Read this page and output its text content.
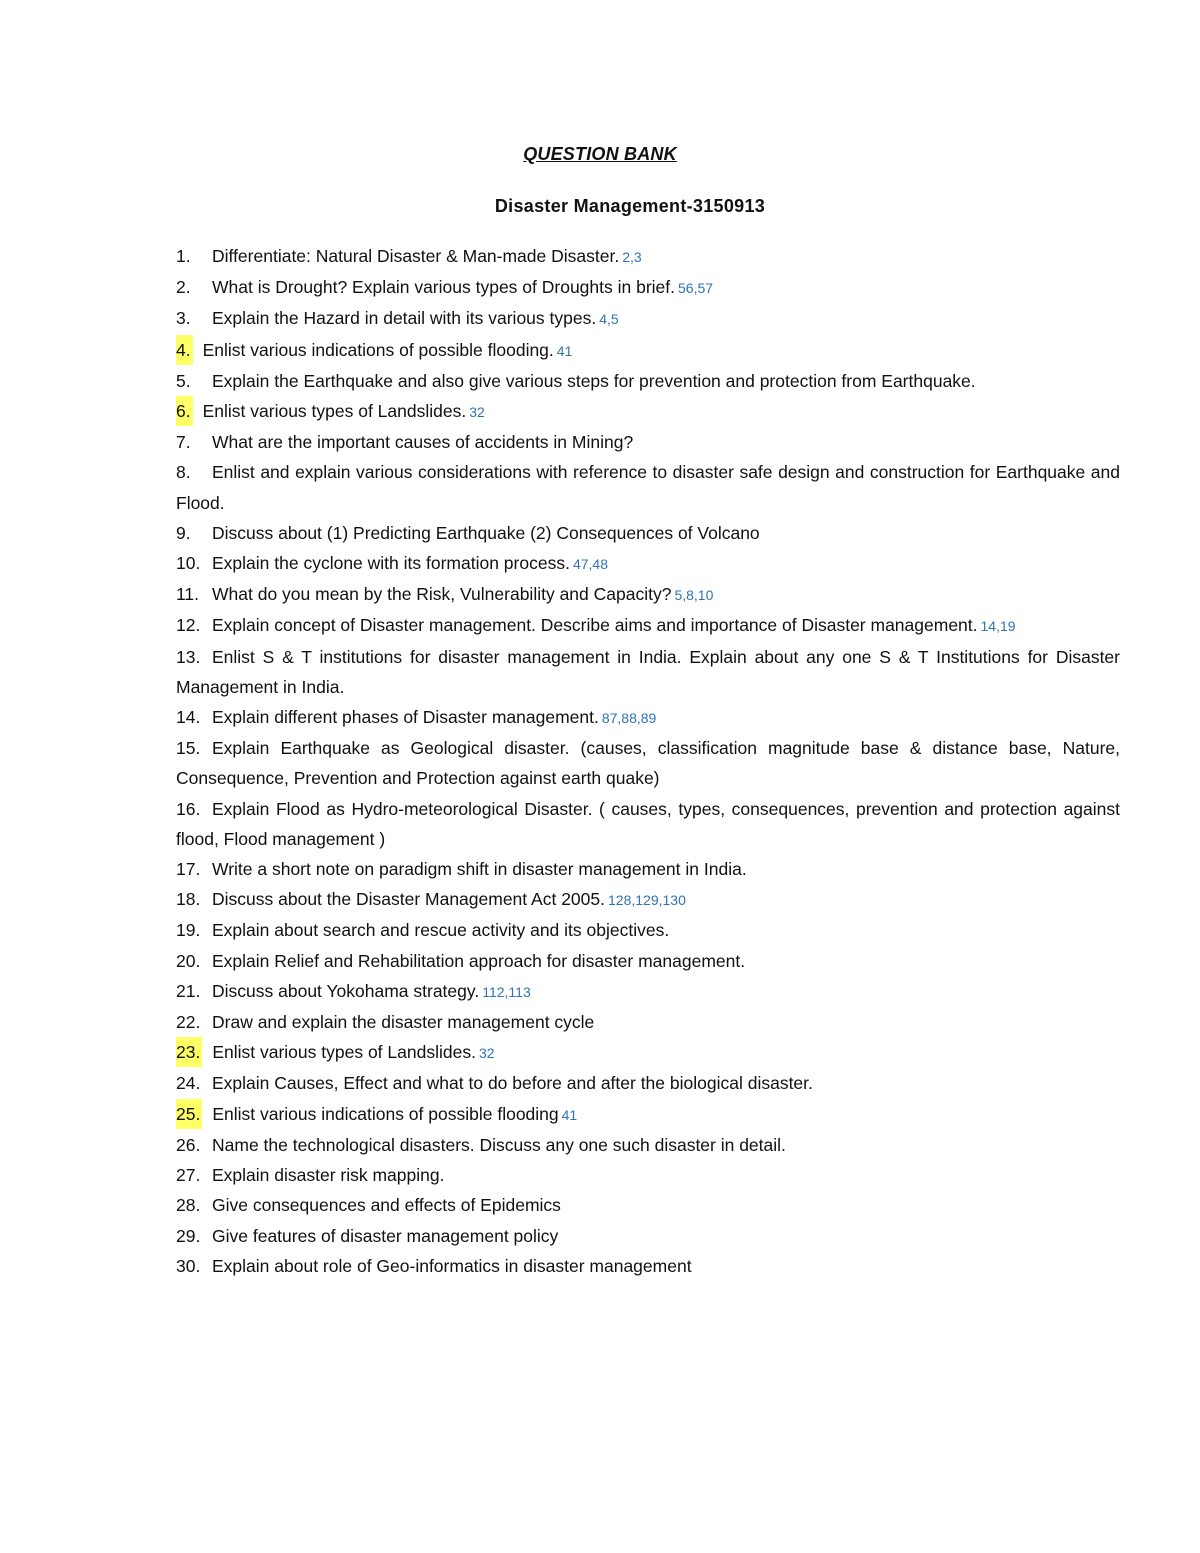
QUESTION BANK
Disaster Management-3150913
1. Differentiate: Natural Disaster & Man-made Disaster. 2,3
2. What is Drought? Explain various types of Droughts in brief. 56,57
3. Explain the Hazard in detail with its various types. 4,5
4. Enlist various indications of possible flooding. 41
5. Explain the Earthquake and also give various steps for prevention and protection from Earthquake.
6. Enlist various types of Landslides. 32
7. What are the important causes of accidents in Mining?
8. Enlist and explain various considerations with reference to disaster safe design and construction for Earthquake and Flood.
9. Discuss about (1) Predicting Earthquake (2) Consequences of Volcano
10. Explain the cyclone with its formation process. 47,48
11. What do you mean by the Risk, Vulnerability and Capacity? 5,8,10
12. Explain concept of Disaster management. Describe aims and importance of Disaster management. 14,19
13. Enlist S & T institutions for disaster management in India. Explain about any one S & T Institutions for Disaster Management in India.
14. Explain different phases of Disaster management. 87,88,89
15. Explain Earthquake as Geological disaster. (causes, classification magnitude base & distance base, Nature, Consequence, Prevention and Protection against earth quake)
16. Explain Flood as Hydro-meteorological Disaster. ( causes, types, consequences, prevention and protection against flood, Flood management )
17. Write a short note on paradigm shift in disaster management in India.
18. Discuss about the Disaster Management Act 2005. 128,129,130
19. Explain about search and rescue activity and its objectives.
20. Explain Relief and Rehabilitation approach for disaster management.
21. Discuss about Yokohama strategy. 112,113
22. Draw and explain the disaster management cycle
23. Enlist various types of Landslides. 32
24. Explain Causes, Effect and what to do before and after the biological disaster.
25. Enlist various indications of possible flooding 41
26. Name the technological disasters. Discuss any one such disaster in detail.
27. Explain disaster risk mapping.
28. Give consequences and effects of Epidemics
29. Give features of disaster management policy
30. Explain about role of Geo-informatics in disaster management
